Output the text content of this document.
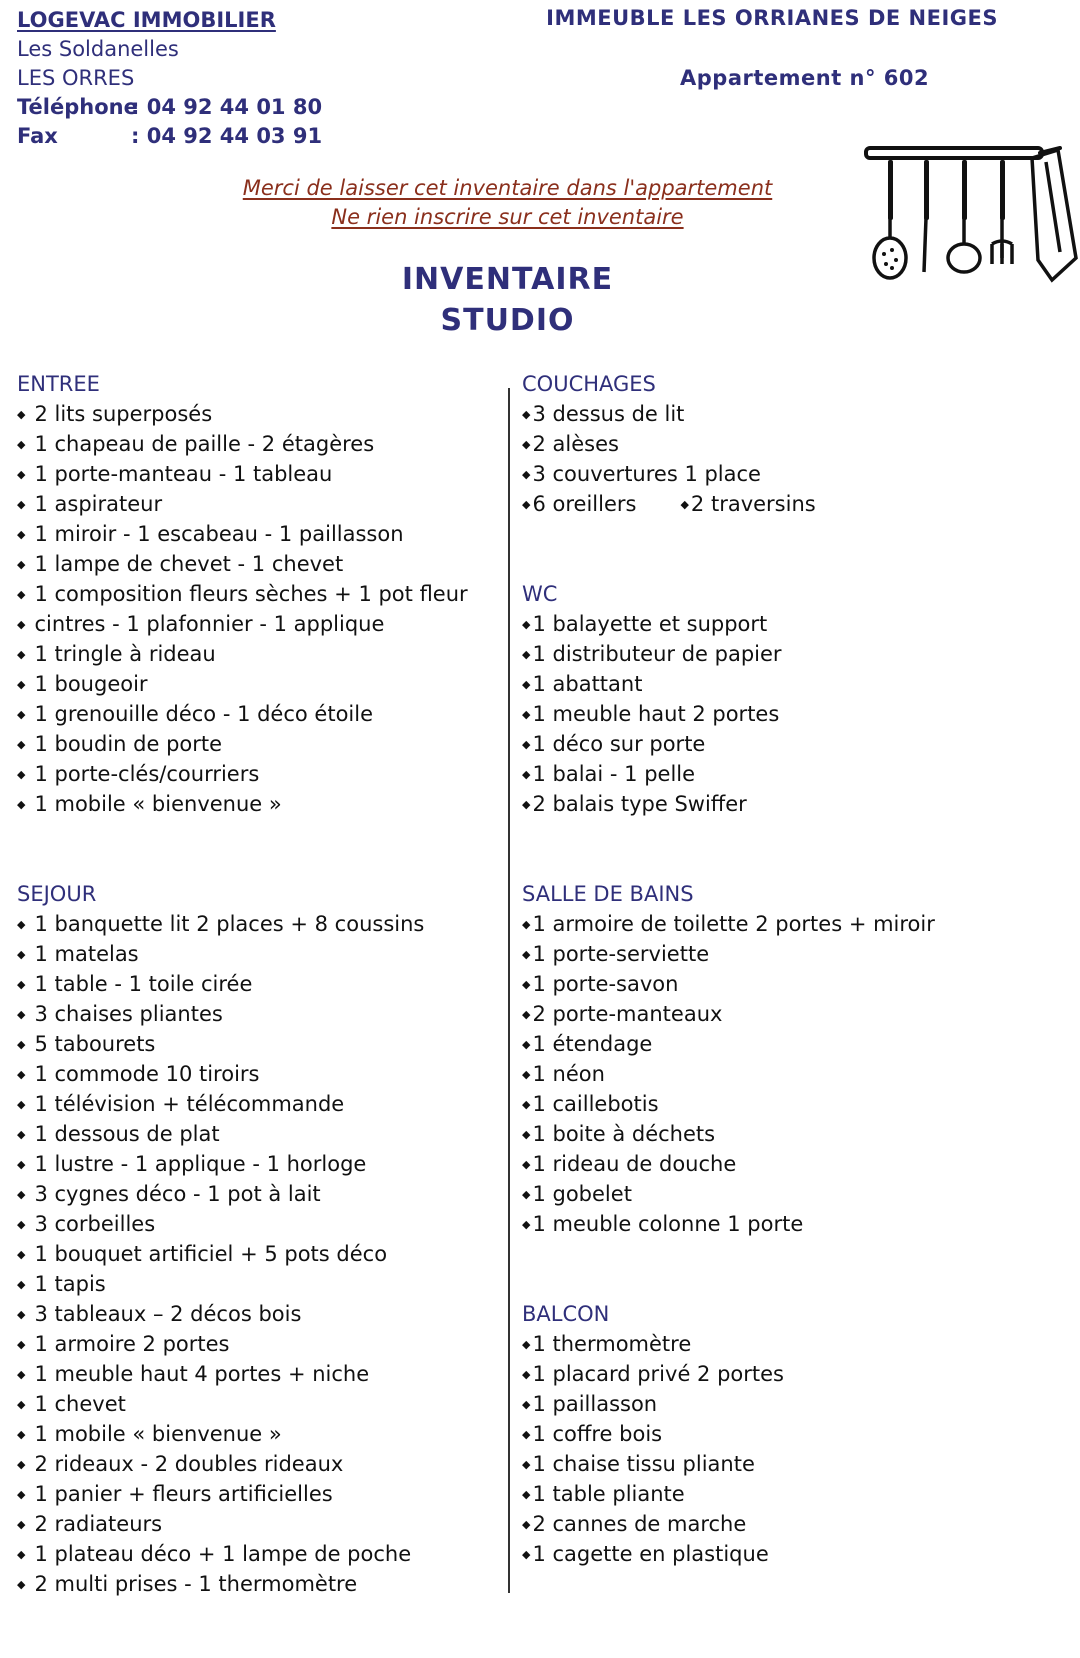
LOGEVAC IMMOBILIER
Les Soldanelles
LES ORRES
Téléphone: 04 92 44 01 80
Fax	: 04 92 44 03 91
IMMEUBLE LES ORRIANES DE NEIGES
Appartement n° 602
Merci de laisser cet inventaire dans l'appartement
Ne rien inscrire sur cet inventaire
INVENTAIRE
STUDIO
ENTREE
◆ 2 lits superposés
◆ 1 chapeau de paille - 2 étagères
◆ 1 porte-manteau - 1 tableau
◆ 1 aspirateur
◆ 1 miroir - 1 escabeau - 1 paillasson
◆ 1 lampe de chevet - 1 chevet
◆ 1 composition fleurs sèches + 1 pot fleur
◆ cintres - 1 plafonnier - 1 applique
◆ 1 tringle à rideau
◆ 1 bougeoir
◆ 1 grenouille déco - 1 déco étoile
◆ 1 boudin de porte
◆ 1 porte-clés/courriers
◆ 1 mobile « bienvenue »
SEJOUR
◆ 1 banquette lit 2 places + 8 coussins
◆ 1 matelas
◆ 1 table - 1 toile cirée
◆ 3 chaises pliantes
◆ 5 tabourets
◆ 1 commode 10 tiroirs
◆ 1 télévision + télécommande
◆ 1 dessous de plat
◆ 1 lustre - 1 applique - 1 horloge
◆ 3 cygnes déco - 1 pot à lait
◆ 3 corbeilles
◆ 1 bouquet artificiel + 5 pots déco
◆ 1 tapis
◆ 3 tableaux – 2 décos bois
◆ 1 armoire 2 portes
◆ 1 meuble haut 4 portes + niche
◆ 1 chevet
◆ 1 mobile « bienvenue »
◆ 2 rideaux - 2 doubles rideaux
◆ 1 panier + fleurs artificielles
◆ 2 radiateurs
◆ 1 plateau déco + 1 lampe de poche
◆ 2 multi prises - 1 thermomètre
COUCHAGES
◆ 3 dessus de lit
◆ 2 alèses
◆ 3 couvertures 1 place
◆ 6 oreillers	◆2 traversins
WC
◆ 1 balayette et support
◆ 1 distributeur de papier
◆ 1 abattant
◆ 1 meuble haut 2 portes
◆ 1 déco sur porte
◆ 1 balai - 1 pelle
◆ 2 balais type Swiffer
SALLE DE BAINS
◆ 1 armoire de toilette 2 portes + miroir
◆ 1 porte-serviette
◆ 1 porte-savon
◆ 2 porte-manteaux
◆ 1 étendage
◆ 1 néon
◆ 1 caillebotis
◆ 1 boite à déchets
◆ 1 rideau de douche
◆ 1 gobelet
◆ 1 meuble colonne 1 porte
BALCON
◆ 1 thermomètre
◆ 1 placard privé 2 portes
◆ 1 paillasson
◆ 1 coffre bois
◆ 1 chaise tissu pliante
◆ 1 table pliante
◆ 2 cannes de marche
◆ 1 cagette en plastique
